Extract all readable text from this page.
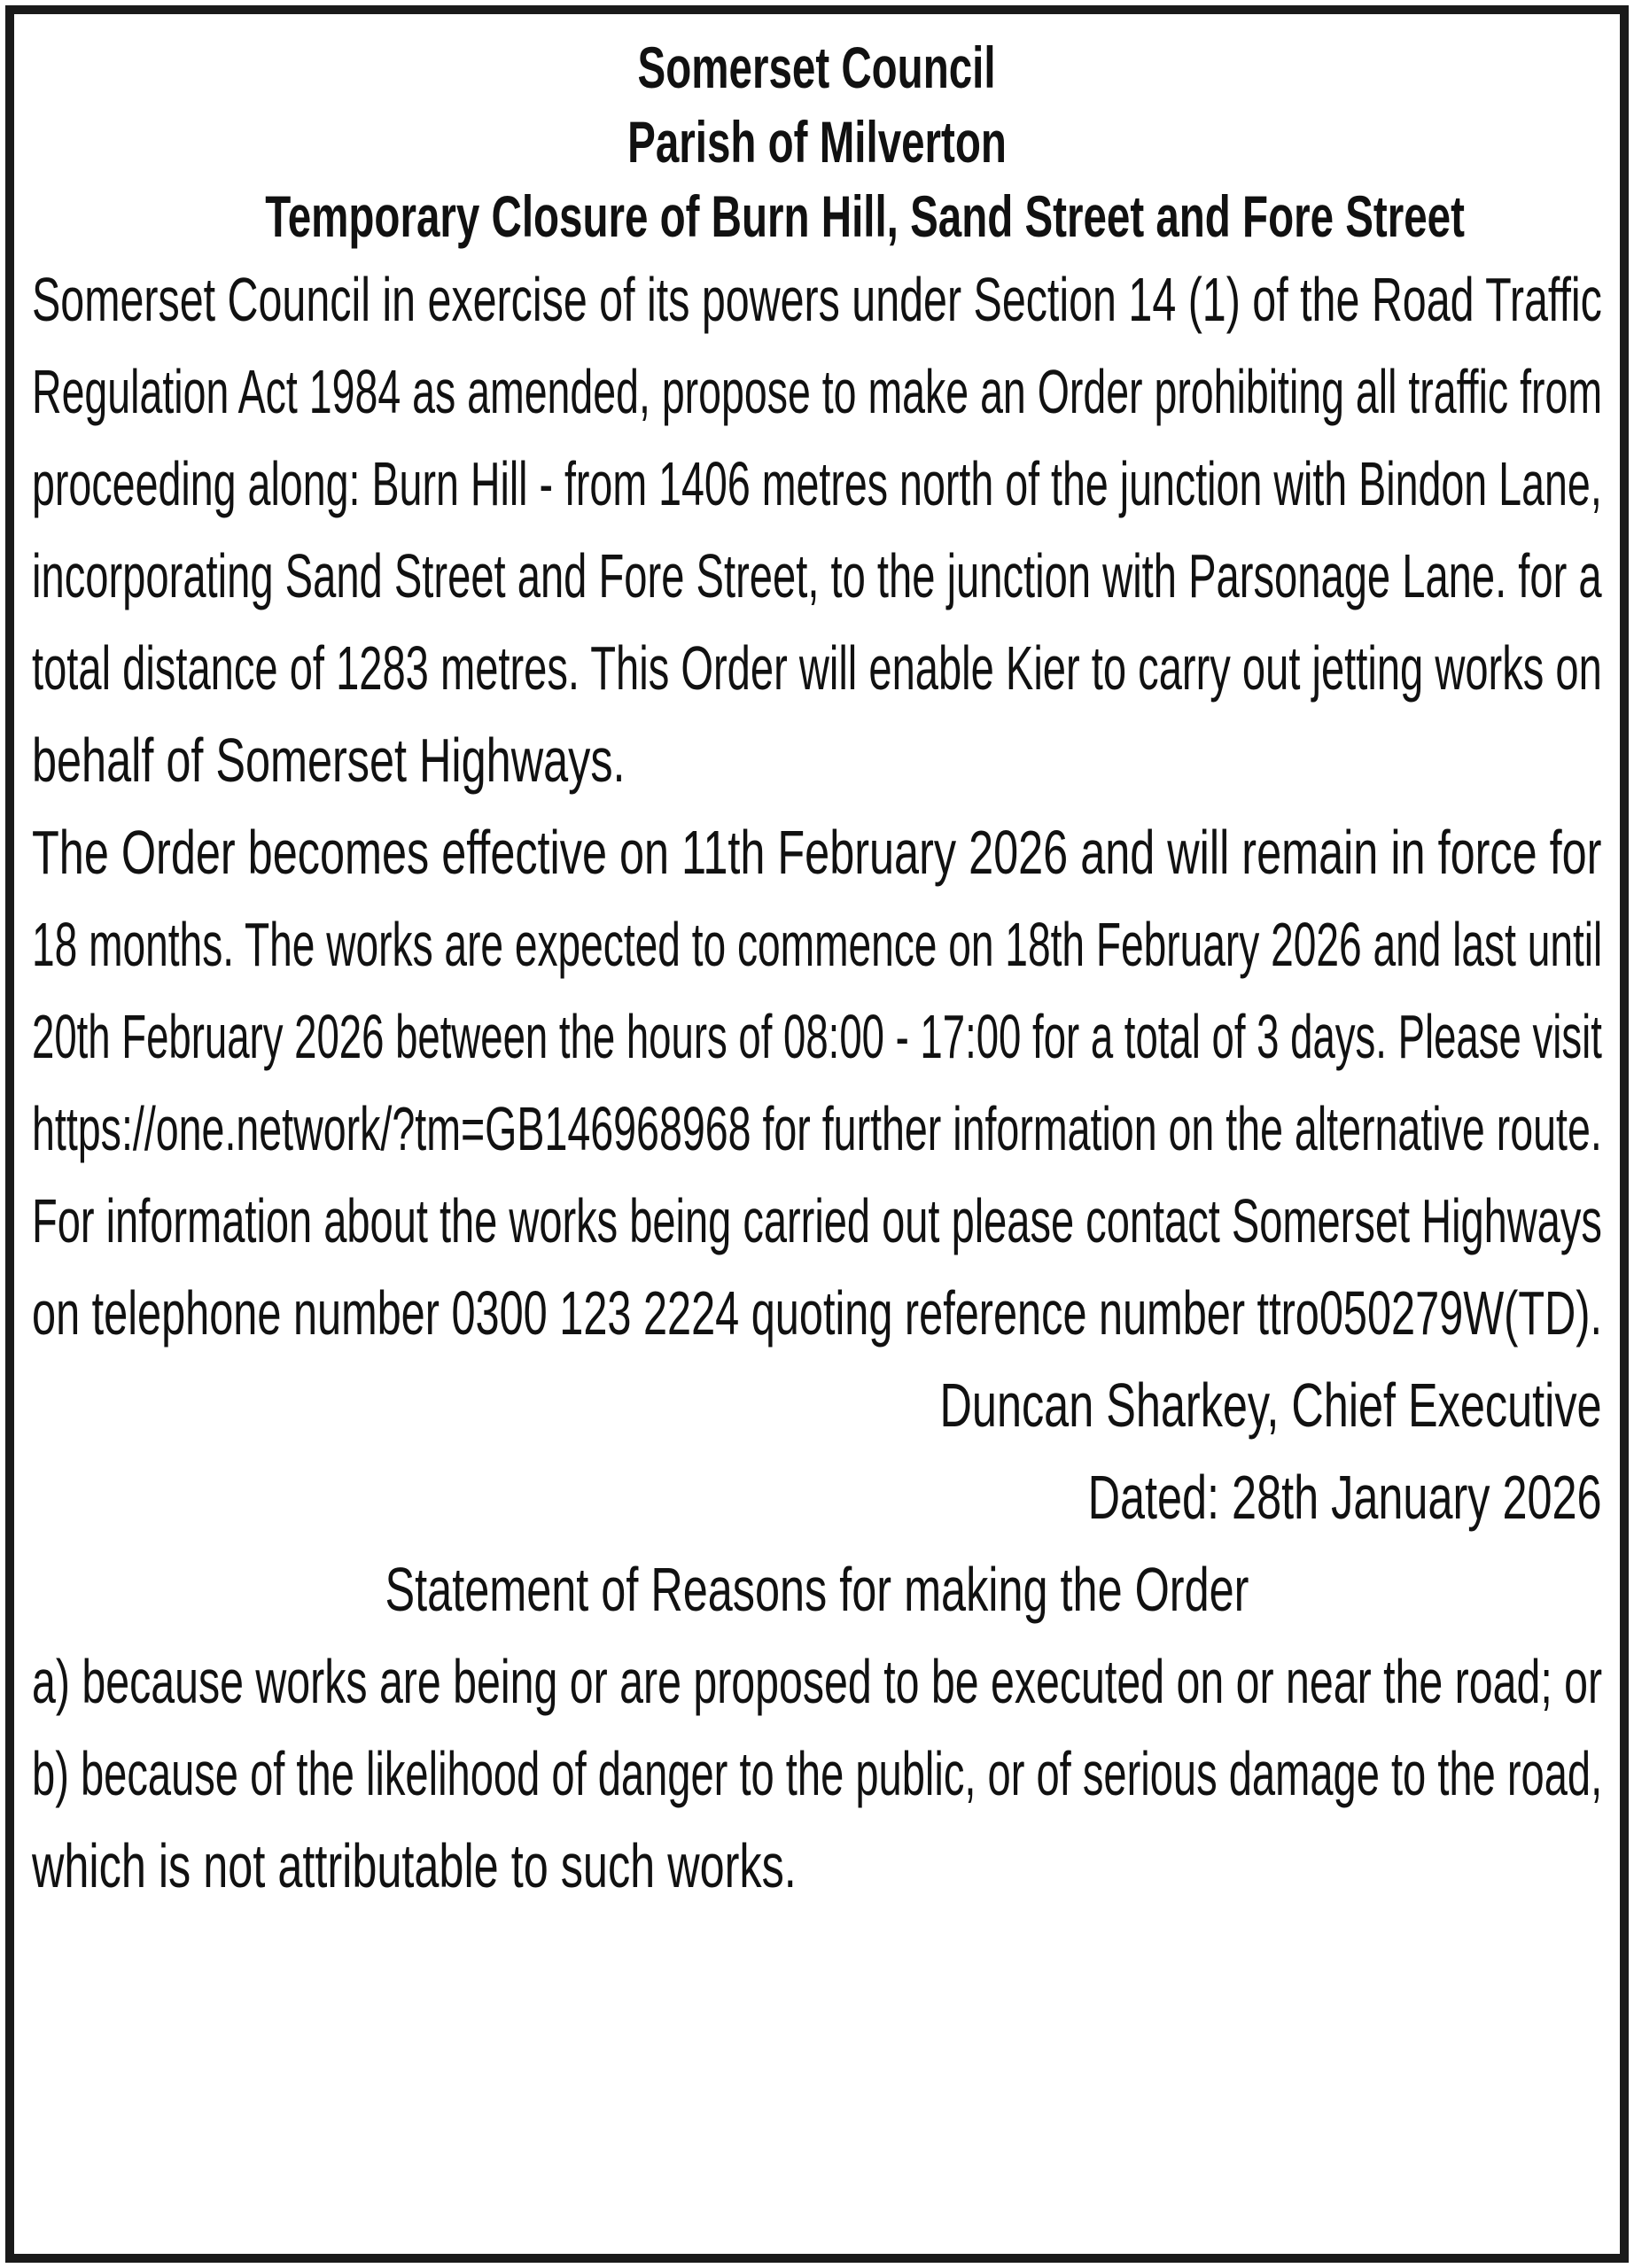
Somerset Council
Parish of Milverton
Temporary Closure of Burn Hill, Sand Street and Fore Street
Somerset Council in exercise of its powers under Section 14 (1) of the Road Traffic
Regulation Act 1984 as amended, propose to make an Order prohibiting all traffic from
proceeding along: Burn Hill - from 1406 metres north of the junction with Bindon Lane,
incorporating Sand Street and Fore Street, to the junction with Parsonage Lane. for a
total distance of 1283 metres. This Order will enable Kier to carry out jetting works on
behalf of Somerset Highways.
The Order becomes effective on 11th February 2026 and will remain in force for
18 months. The works are expected to commence on 18th February 2026 and last until
20th February 2026 between the hours of 08:00 - 17:00 for a total of 3 days. Please visit
https://one.network/?tm=GB146968968 for further information on the alternative route.
For information about the works being carried out please contact Somerset Highways
on telephone number 0300 123 2224 quoting reference number ttro050279W(TD).
Duncan Sharkey, Chief Executive
Dated: 28th January 2026
Statement of Reasons for making the Order
a) because works are being or are proposed to be executed on or near the road; or
b) because of the likelihood of danger to the public, or of serious damage to the road,
which is not attributable to such works.
